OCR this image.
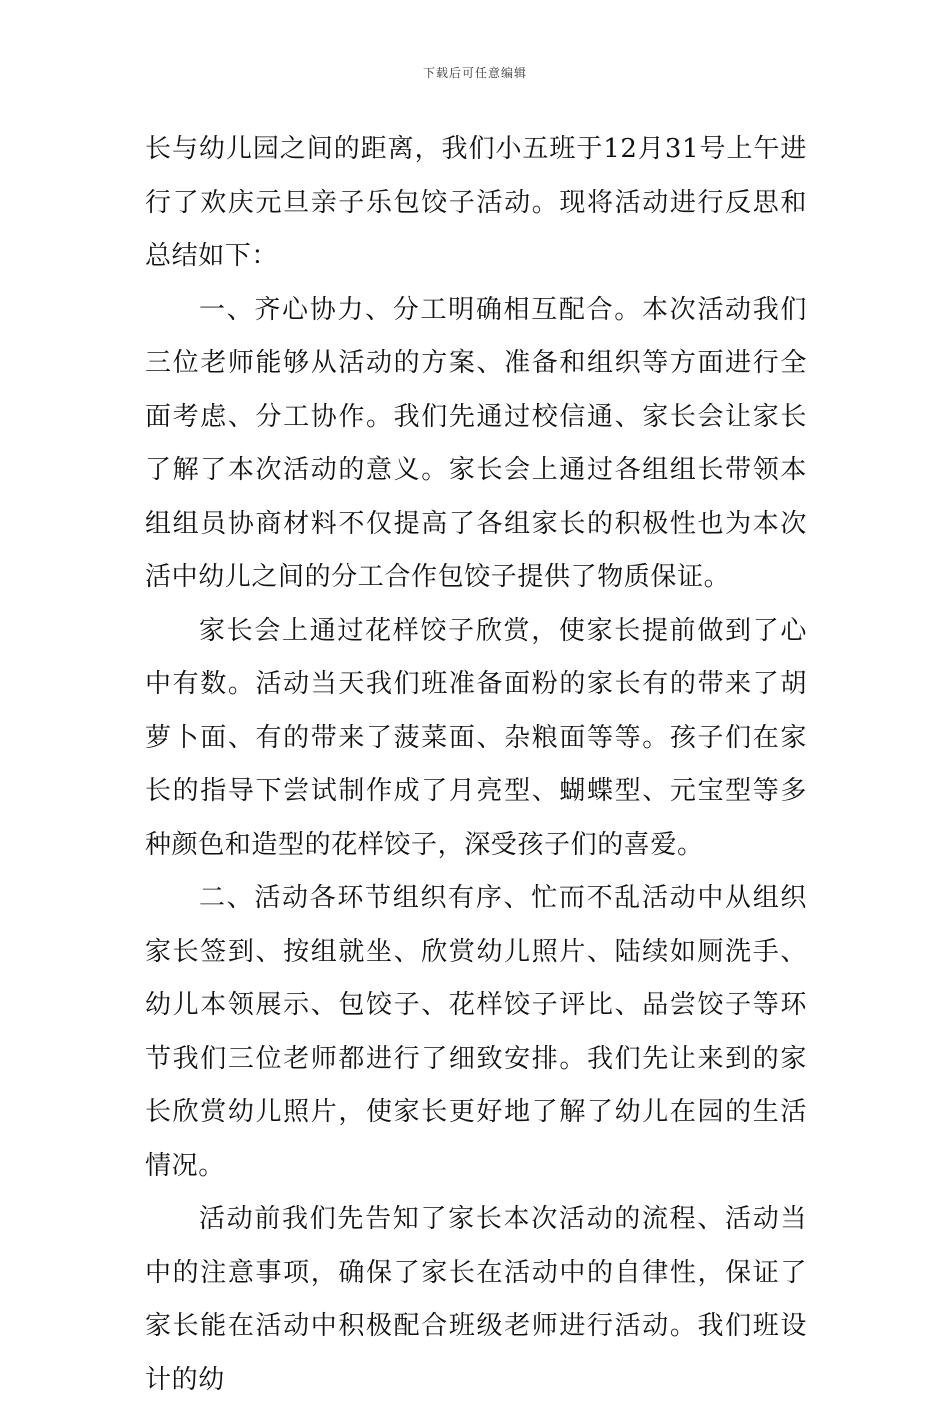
下载后可任意编辑

长与幼儿园之间的距离，我们小五班于12月31号上午进行了欢庆元旦亲子乐包饺子活动。现将活动进行反思和总结如下：

一、齐心协力、分工明确相互配合。本次活动我们三位老师能够从活动的方案、准备和组织等方面进行全面考虑、分工协作。我们先通过校信通、家长会让家长了解了本次活动的意义。家长会上通过各组组长带领本组组员协商材料不仅提高了各组家长的积极性也为本次活中幼儿之间的分工合作包饺子提供了物质保证。

家长会上通过花样饺子欣赏，使家长提前做到了心中有数。活动当天我们班准备面粉的家长有的带来了胡萝卜面、有的带来了菠菜面、杂粮面等等。孩子们在家长的指导下尝试制作成了月亮型、蝴蝶型、元宝型等多种颜色和造型的花样饺子，深受孩子们的喜爱。

二、活动各环节组织有序、忙而不乱活动中从组织家长签到、按组就坐、欣赏幼儿照片、陆续如厕洗手、幼儿本领展示、包饺子、花样饺子评比、品尝饺子等环节我们三位老师都进行了细致安排。我们先让来到的家长欣赏幼儿照片，使家长更好地了解了幼儿在园的生活情况。

活动前我们先告知了家长本次活动的流程、活动当中的注意事项，确保了家长在活动中的自律性，保证了家长能在活动中积极配合班级老师进行活动。我们班设计的幼
